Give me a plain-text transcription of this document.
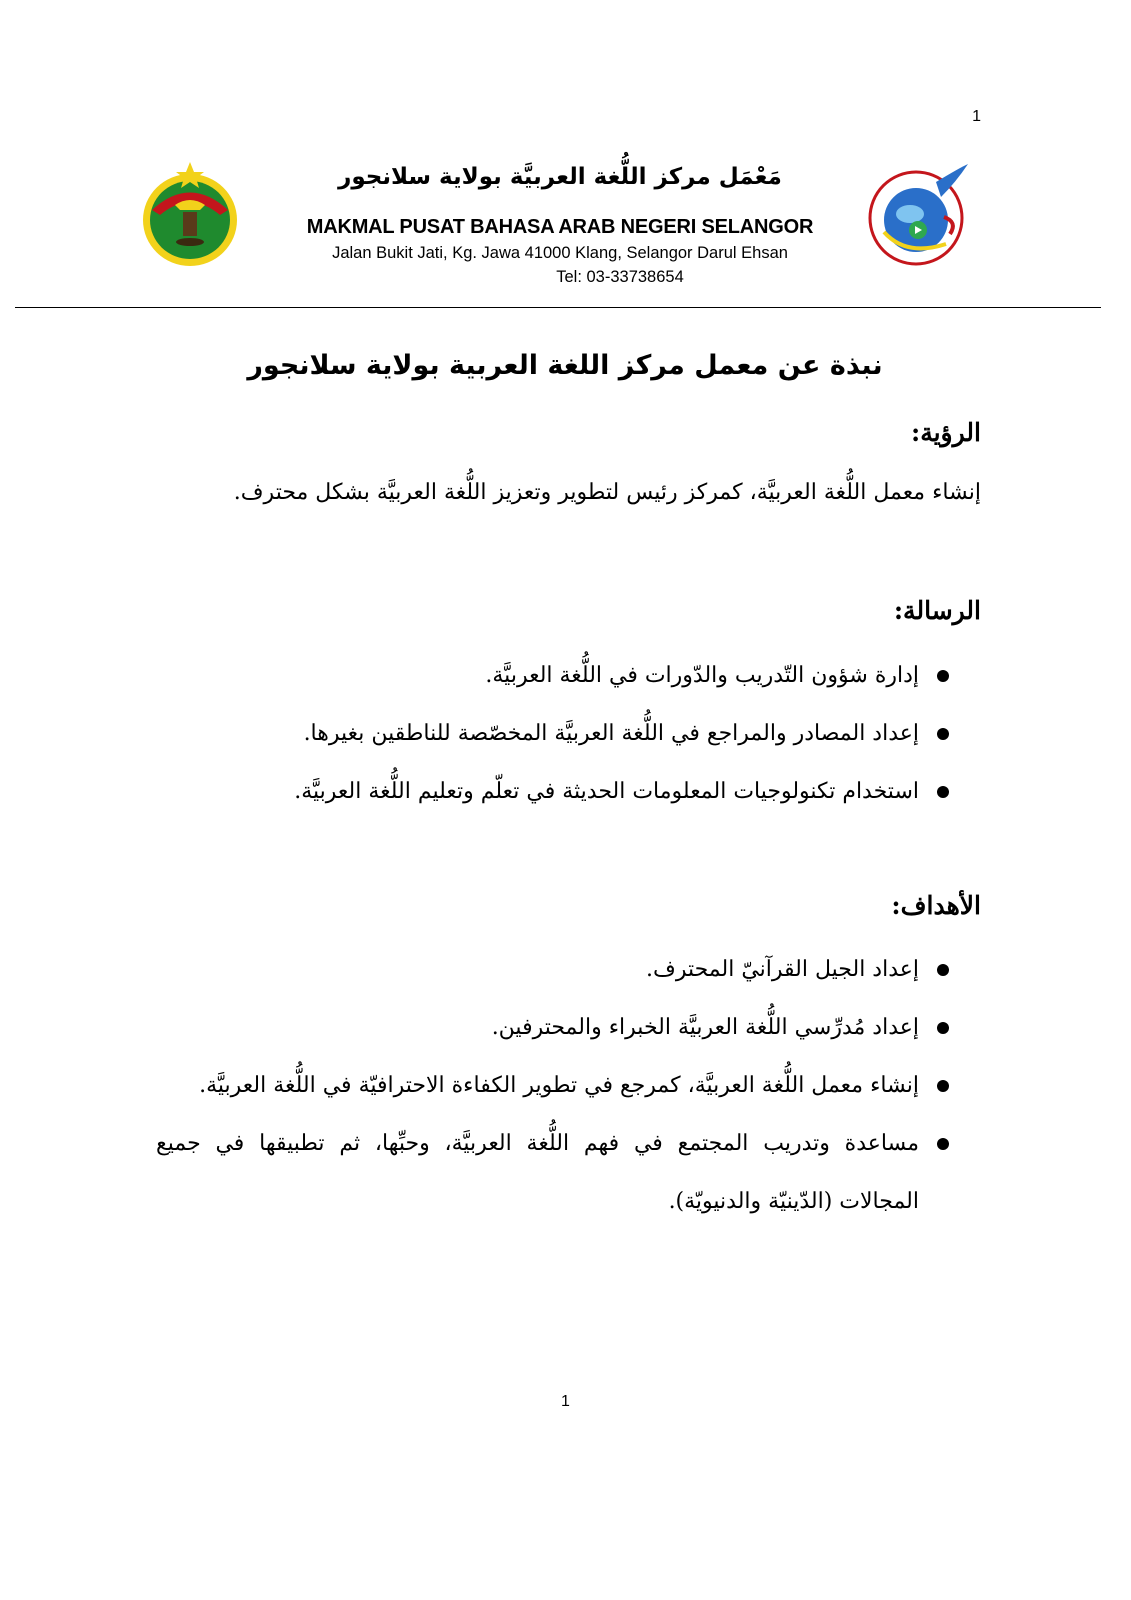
1
مَعْمَل مركز اللُّغة العربيَّة بولاية سلانجور
MAKMAL PUSAT BAHASA ARAB NEGERI SELANGOR
Jalan Bukit Jati, Kg. Jawa 41000 Klang, Selangor Darul Ehsan
Tel: 03-33738654
نبذة عن معمل مركز اللغة العربية بولاية سلانجور
الرؤية:
إنشاء معمل اللُّغة العربيَّة، كمركز رئيس لتطوير وتعزيز اللُّغة العربيَّة بشكل محترف.
الرسالة:
إدارة شؤون التّدريب والدّورات في اللُّغة العربيَّة.
إعداد المصادر والمراجع في اللُّغة العربيَّة المخصّصة للناطقين بغيرها.
استخدام تكنولوجيات المعلومات الحديثة في تعلّم وتعليم اللُّغة العربيَّة.
الأهداف:
إعداد الجيل القرآنيّ المحترف.
إعداد مُدرِّسي اللُّغة العربيَّة الخبراء والمحترفين.
إنشاء معمل اللُّغة العربيَّة، كمرجع في تطوير الكفاءة الاحترافيّة في اللُّغة العربيَّة.
مساعدة وتدريب المجتمع في فهم اللُّغة العربيَّة، وحبِّها، ثم تطبيقها في جميع المجالات (الدّينيّة والدنيويّة).
1
